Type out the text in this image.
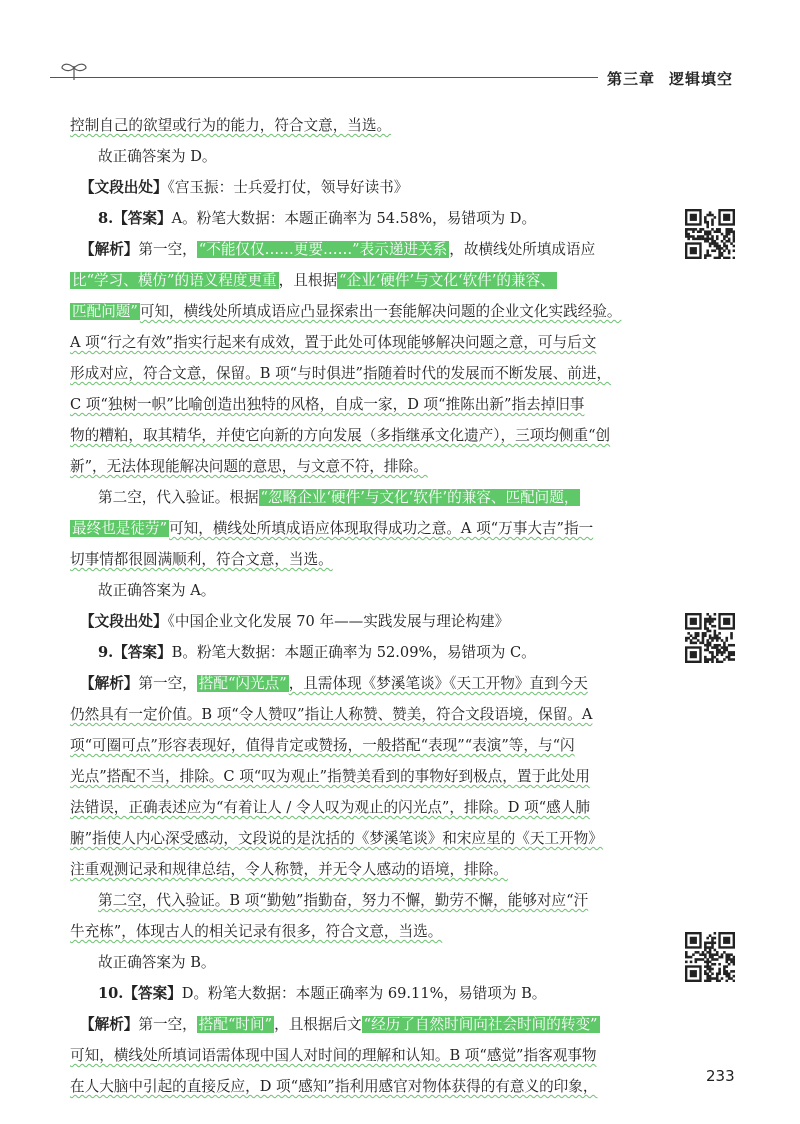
第三章 逻辑填空
控制自己的欲望或行为的能力，符合文意，当选。
故正确答案为 D。
【文段出处】《宫玉振：士兵爱打仗，领导好读书》
8.【答案】A。粉笔大数据：本题正确率为 54.58%，易错项为 D。
【解析】第一空， “不能仅仅……更要……”表示递进关系 ，故横线处所填成语应
比“学习、模仿”的语义程度更重 ，且根据 “企业‘硬件’与文化‘软件’的兼容、
匹配问题” 可知，横线处所填成语应凸显探索出一套能解决问题的企业文化实践经验。
A 项“行之有效”指实行起来有成效，置于此处可体现能够解决问题之意，可与后文
形成对应，符合文意，保留。B 项“与时俱进”指随着时代的发展而不断发展、前进，
C 项“独树一帜”比喻创造出独特的风格，自成一家，D 项“推陈出新”指去掉旧事
物的糟粕，取其精华，并使它向新的方向发展（多指继承文化遗产），三项均侧重“创
新”，无法体现能解决问题的意思，与文意不符，排除。
第二空，代入验证。根据 “忽略企业‘硬件’与文化‘软件’的兼容、匹配问题，
最终也是徒劳” 可知，横线处所填成语应体现取得成功之意。A 项“万事大吉”指一
切事情都很圆满顺利，符合文意，当选。
故正确答案为 A。
【文段出处】《中国企业文化发展 70 年——实践发展与理论构建》
9.【答案】B。粉笔大数据：本题正确率为 52.09%，易错项为 C。
【解析】第一空， 搭配“闪光点” ，且需体现《梦溪笔谈》《天工开物》直到今天
仍然具有一定价值。B 项“令人赞叹”指让人称赞、赞美，符合文段语境，保留。A
项“可圈可点”形容表现好，值得肯定或赞扬，一般搭配“表现”“表演”等，与“闪
光点”搭配不当，排除。C 项“叹为观止”指赞美看到的事物好到极点，置于此处用
法错误，正确表述应为“有着让人 / 令人叹为观止的闪光点”，排除。D 项“感人肺
腑”指使人内心深受感动，文段说的是沈括的《梦溪笔谈》和宋应星的《天工开物》
注重观测记录和规律总结，令人称赞，并无令人感动的语境，排除。
第二空，代入验证。B 项“勤勉”指勤奋，努力不懈，勤劳不懈，能够对应“汗
牛充栋”，体现古人的相关记录有很多，符合文意，当选。
故正确答案为 B。
10.【答案】D。粉笔大数据：本题正确率为 69.11%，易错项为 B。
【解析】第一空， 搭配“时间” ，且根据后文 “经历了自然时间向社会时间的转变”
可知，横线处所填词语需体现中国人对时间的理解和认知。B 项“感觉”指客观事物
在人大脑中引起的直接反应，D 项“感知”指利用感官对物体获得的有意义的印象，
233
